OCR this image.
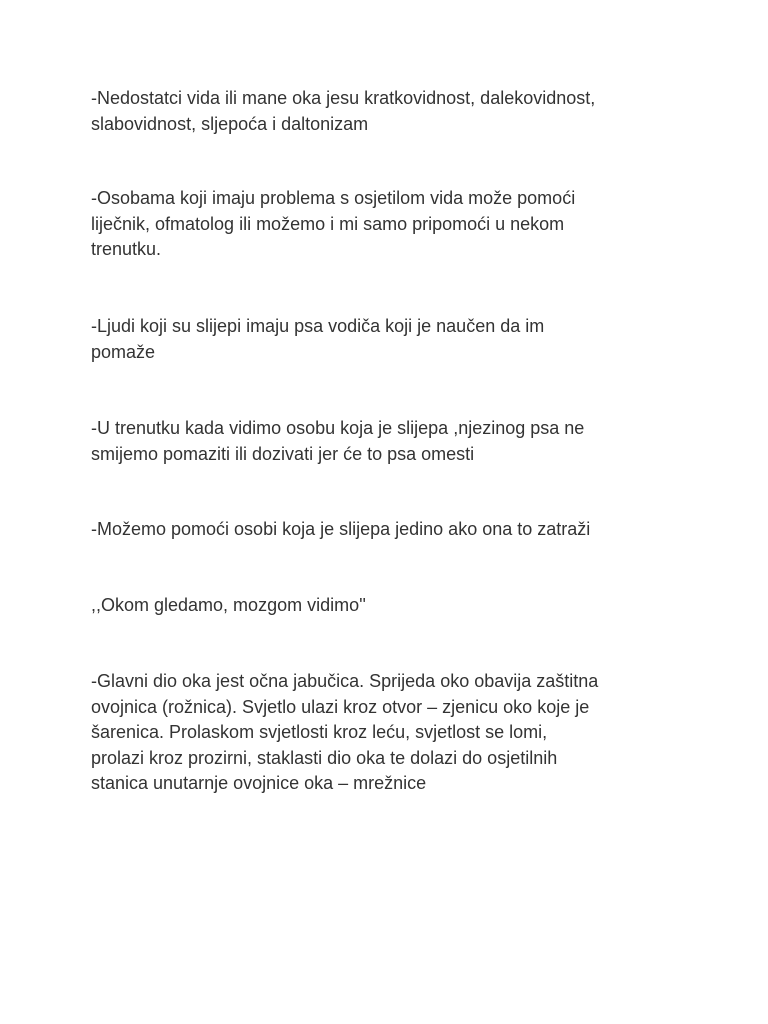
-Nedostatci vida ili mane oka jesu kratkovidnost, dalekovidnost,
slabovidnost, sljepoća i daltonizam

-Osobama koji imaju problema s osjetilom vida može pomoći
liječnik, ofmatolog ili možemo i mi samo pripomoći u nekom
trenutku.

-Ljudi koji su slijepi imaju psa vodiča koji je naučen da im
pomaže

-U trenutku kada vidimo osobu koja je slijepa ,njezinog psa ne
smijemo pomaziti ili dozivati jer će to psa omesti

-Možemo pomoći osobi koja je slijepa jedino ako ona to zatraži

,,Okom gledamo, mozgom vidimo''

-Glavni dio oka jest očna jabučica. Sprijeda oko obavija zaštitna
ovojnica (rožnica). Svjetlo ulazi kroz otvor – zjenicu oko koje je
šarenica. Prolaskom svjetlosti kroz leću, svjetlost se lomi,
prolazi kroz prozirni, staklasti dio oka te dolazi do osjetilnih
stanica unutarnje ovojnice oka – mrežnice
